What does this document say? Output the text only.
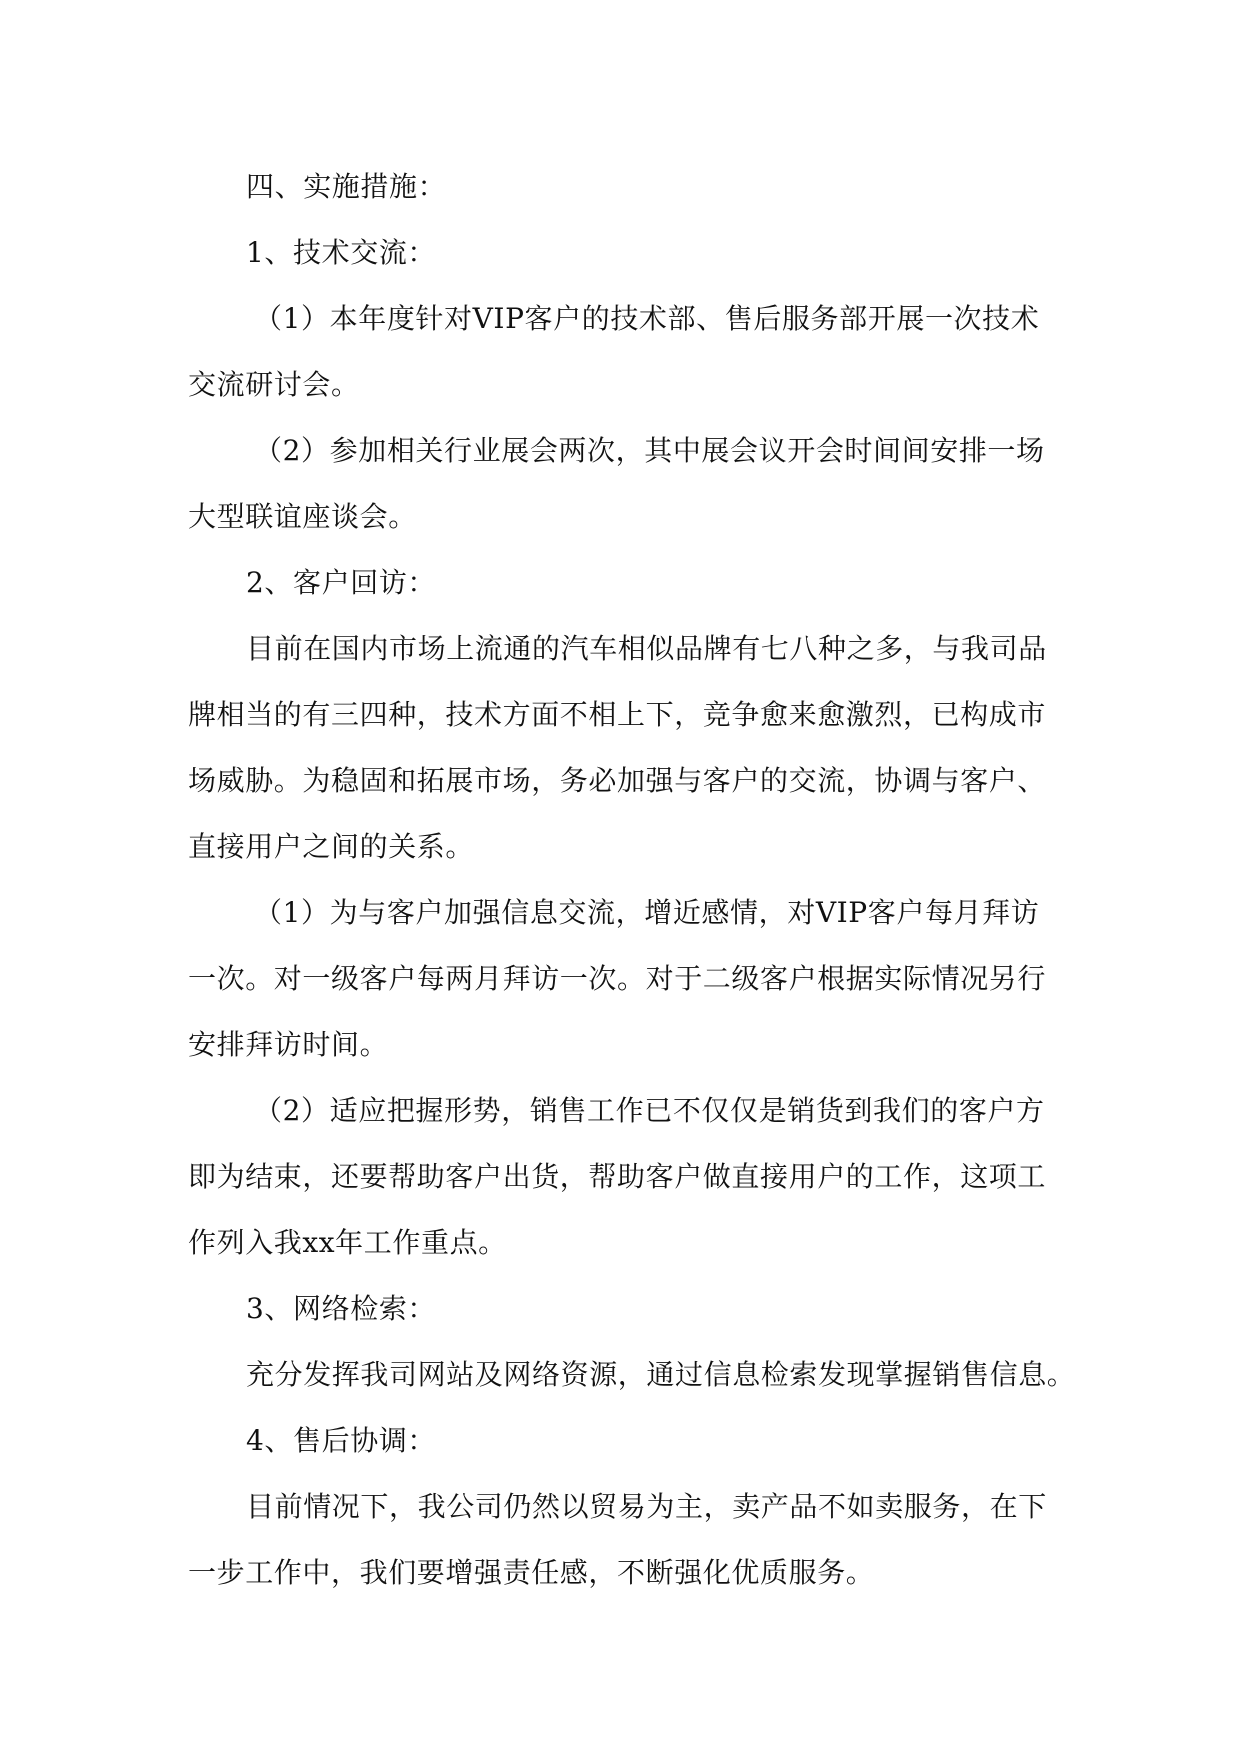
四、实施措施：
1、技术交流：
（1）本年度针对VIP客户的技术部、售后服务部开展一次技术
交流研讨会。
（2）参加相关行业展会两次，其中展会议开会时间间安排一场
大型联谊座谈会。
2、客户回访：
目前在国内市场上流通的汽车相似品牌有七八种之多，与我司品
牌相当的有三四种，技术方面不相上下，竞争愈来愈激烈，已构成市
场威胁。为稳固和拓展市场，务必加强与客户的交流，协调与客户、
直接用户之间的关系。
（1）为与客户加强信息交流，增近感情，对VIP客户每月拜访
一次。对一级客户每两月拜访一次。对于二级客户根据实际情况另行
安排拜访时间。
（2）适应把握形势，销售工作已不仅仅是销货到我们的客户方
即为结束，还要帮助客户出货，帮助客户做直接用户的工作，这项工
作列入我xx年工作重点。
3、网络检索：
充分发挥我司网站及网络资源，通过信息检索发现掌握销售信息。
4、售后协调：
目前情况下，我公司仍然以贸易为主，卖产品不如卖服务，在下
一步工作中，我们要增强责任感，不断强化优质服务。
